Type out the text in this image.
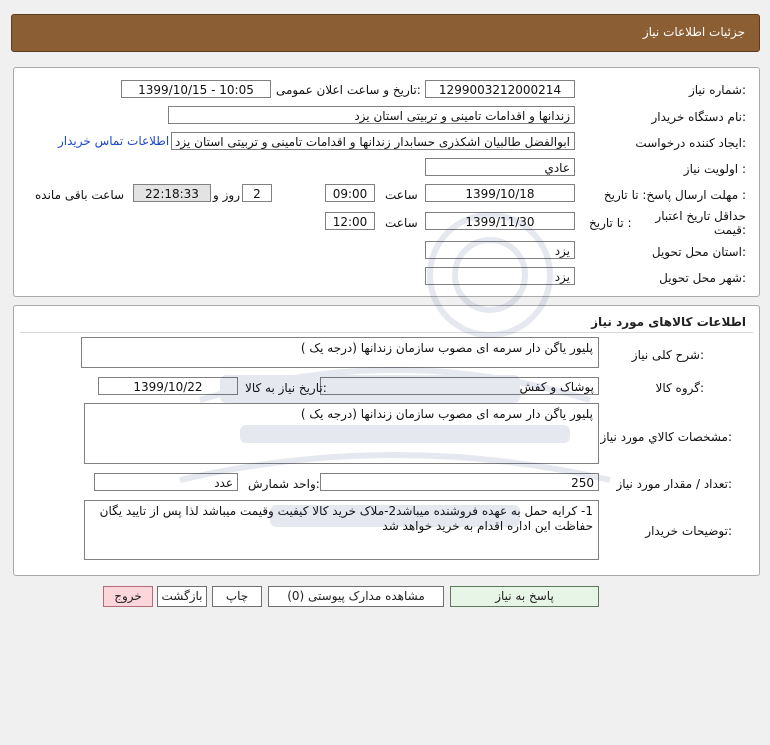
جزئیات اطلاعات نیاز
شماره نیاز:
1299003212000214
تاریخ و ساعت اعلان عمومی:
1399/10/15 - 10:05
نام دستگاه خریدار:
زندانها و اقدامات تامینی و تربیتی استان یزد
ایجاد کننده درخواست:
ابوالفضل طالبیان اشکذری حسابدار زندانها و اقدامات تامینی و تربیتی استان یزد
اطلاعات تماس خریدار
اولویت نیاز :
عادي
مهلت ارسال پاسخ: تا تاریخ :
1399/10/18
ساعت
09:00
2
روز و
22:18:33
ساعت باقی مانده
حداقل تاریخ اعتبار قیمت:
تا تاریخ :
1399/11/30
ساعت
12:00
استان محل تحویل:
یزد
شهر محل تحویل:
یزد
اطلاعات کالاهای مورد نیاز
شرح کلی نیاز:
پلیور یاگن دار سرمه ای مصوب سازمان زندانها (درجه یک )
گروه کالا:
پوشاک و کفش
تاریخ نیاز به کالا:
1399/10/22
مشخصات کالاي مورد نياز:
پلیور یاگن دار سرمه ای مصوب سازمان زندانها (درجه یک )
تعداد / مقدار مورد نیاز:
250
واحد شمارش:
عدد
توضیحات خریدار:
1- کرایه حمل به عهده فروشنده میباشد2-ملاک خرید کالا کیفیت وقیمت میباشد لذا پس از تایید یگان حفاظت این اداره اقدام به خرید خواهد شد
پاسخ به نیاز
مشاهده مدارک پیوستی (0)
چاپ
بازگشت
خروج
